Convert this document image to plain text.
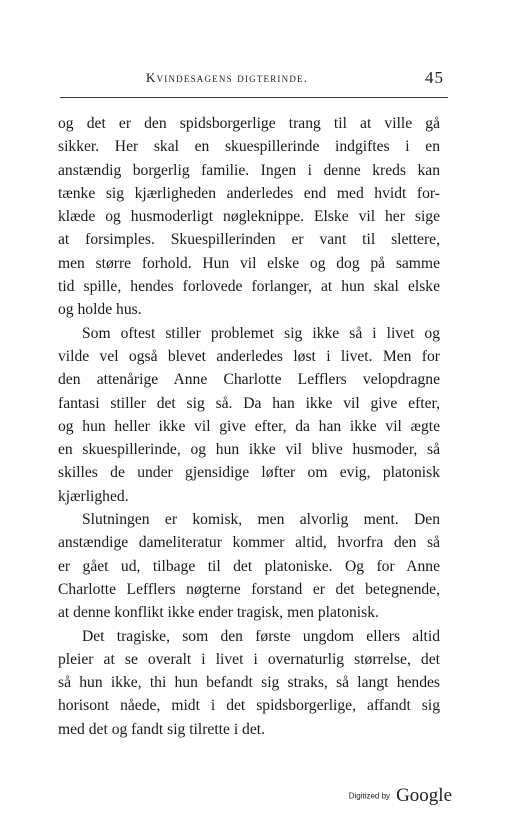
Kvindesagens digterinde.	45
og det er den spidsborgerlige trang til at ville gå
sikker. Her skal en skuespillerinde indgiftes i en
anstændig borgerlig familie. Ingen i denne kreds kan
tænke sig kjærligheden anderledes end med hvidt for-
klæde og husmoderligt nøgleknippe. Elske vil her sige
at forsimples. Skuespillerinden er vant til slettere,
men større forhold. Hun vil elske og dog på samme
tid spille, hendes forlovede forlanger, at hun skal elske
og holde hus.
Som oftest stiller problemet sig ikke så i livet og
vilde vel også blevet anderledes løst i livet. Men for
den attenårige Anne Charlotte Lefflers velopdragne
fantasi stiller det sig så. Da han ikke vil give efter,
og hun heller ikke vil give efter, da han ikke vil ægte
en skuespillerinde, og hun ikke vil blive husmoder, så
skilles de under gjensidige løfter om evig, platonisk
kjærlighed.
Slutningen er komisk, men alvorlig ment. Den
anstændige dameliteratur kommer altid, hvorfra den så
er gået ud, tilbage til det platoniske. Og for Anne
Charlotte Lefflers nøgterne forstand er det betegnende,
at denne konflikt ikke ender tragisk, men platonisk.
Det tragiske, som den første ungdom ellers altid
pleier at se overalt i livet i overnaturlig størrelse, det
så hun ikke, thi hun befandt sig straks, så langt hendes
horisont nåede, midt i det spidsborgerlige, affandt sig
med det og fandt sig tilrette i det.
Digitized by Google
